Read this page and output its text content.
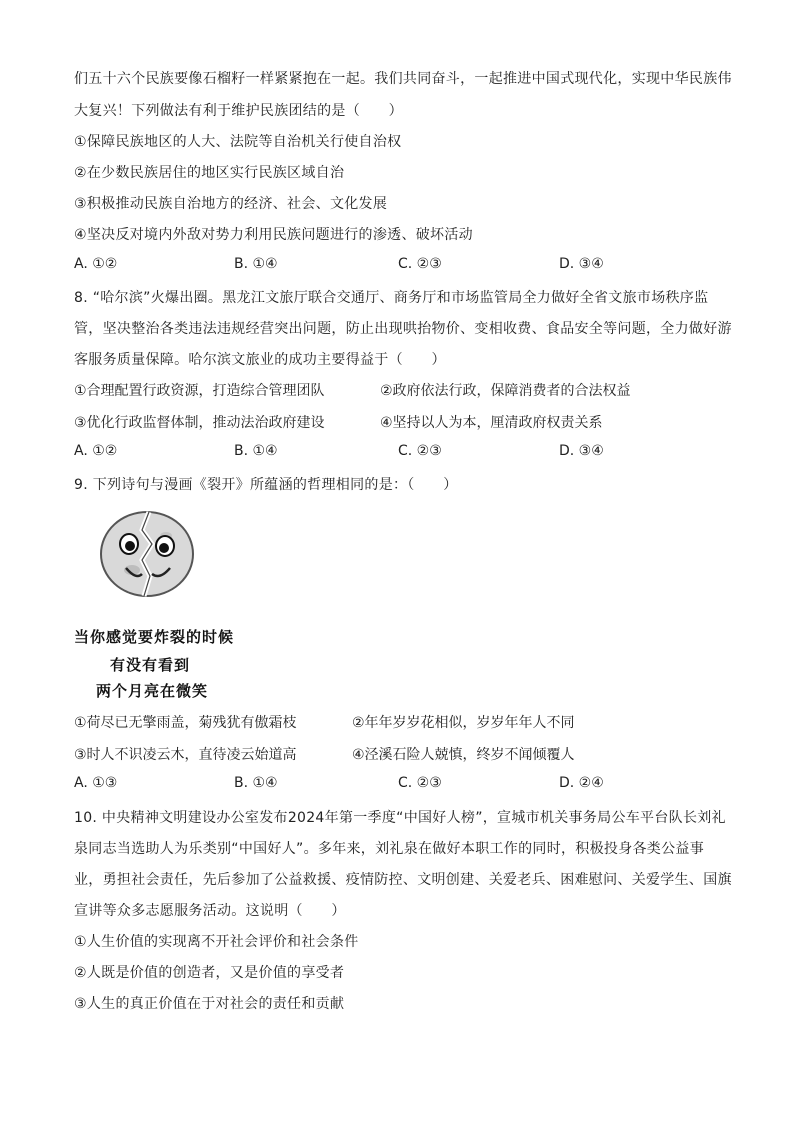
们五十六个民族要像石榴籽一样紧紧抱在一起。我们共同奋斗，一起推进中国式现代化，实现中华民族伟
大复兴！下列做法有利于维护民族团结的是（　　）
①保障民族地区的人大、法院等自治机关行使自治权
②在少数民族居住的地区实行民族区域自治
③积极推动民族自治地方的经济、社会、文化发展
④坚决反对境内外敌对势力利用民族问题进行的渗透、破坏活动
A. ①②	B. ①④	C. ②③	D. ③④
8. “哈尔滨”火爆出圈。黑龙江文旅厅联合交通厅、商务厅和市场监管局全力做好全省文旅市场秩序监
管，坚决整治各类违法违规经营突出问题，防止出现哄抬物价、变相收费、食品安全等问题，全力做好游
客服务质量保障。哈尔滨文旅业的成功主要得益于（　　）
①合理配置行政资源，打造综合管理团队	②政府依法行政，保障消费者的合法权益
③优化行政监督体制，推动法治政府建设	④坚持以人为本，厘清政府权责关系
A. ①②	B. ①④	C. ②③	D. ③④
9. 下列诗句与漫画《裂开》所蕴涵的哲理相同的是：（　　）
当你感觉要炸裂的时候
有没有看到
两个月亮在微笑
①荷尽已无擎雨盖，菊残犹有傲霜枝	②年年岁岁花相似，岁岁年年人不同
③时人不识凌云木，直待凌云始道高	④泾溪石险人兢慎，终岁不闻倾覆人
A. ①③	B. ①④	C. ②③	D. ②④
10. 中央精神文明建设办公室发布2024年第一季度“中国好人榜”，宣城市机关事务局公车平台队长刘礼
泉同志当选助人为乐类别“中国好人”。多年来，刘礼泉在做好本职工作的同时，积极投身各类公益事
业，勇担社会责任，先后参加了公益救援、疫情防控、文明创建、关爱老兵、困难慰问、关爱学生、国旗
宣讲等众多志愿服务活动。这说明（　　）
①人生价值的实现离不开社会评价和社会条件
②人既是价值的创造者，又是价值的享受者
③人生的真正价值在于对社会的责任和贡献
